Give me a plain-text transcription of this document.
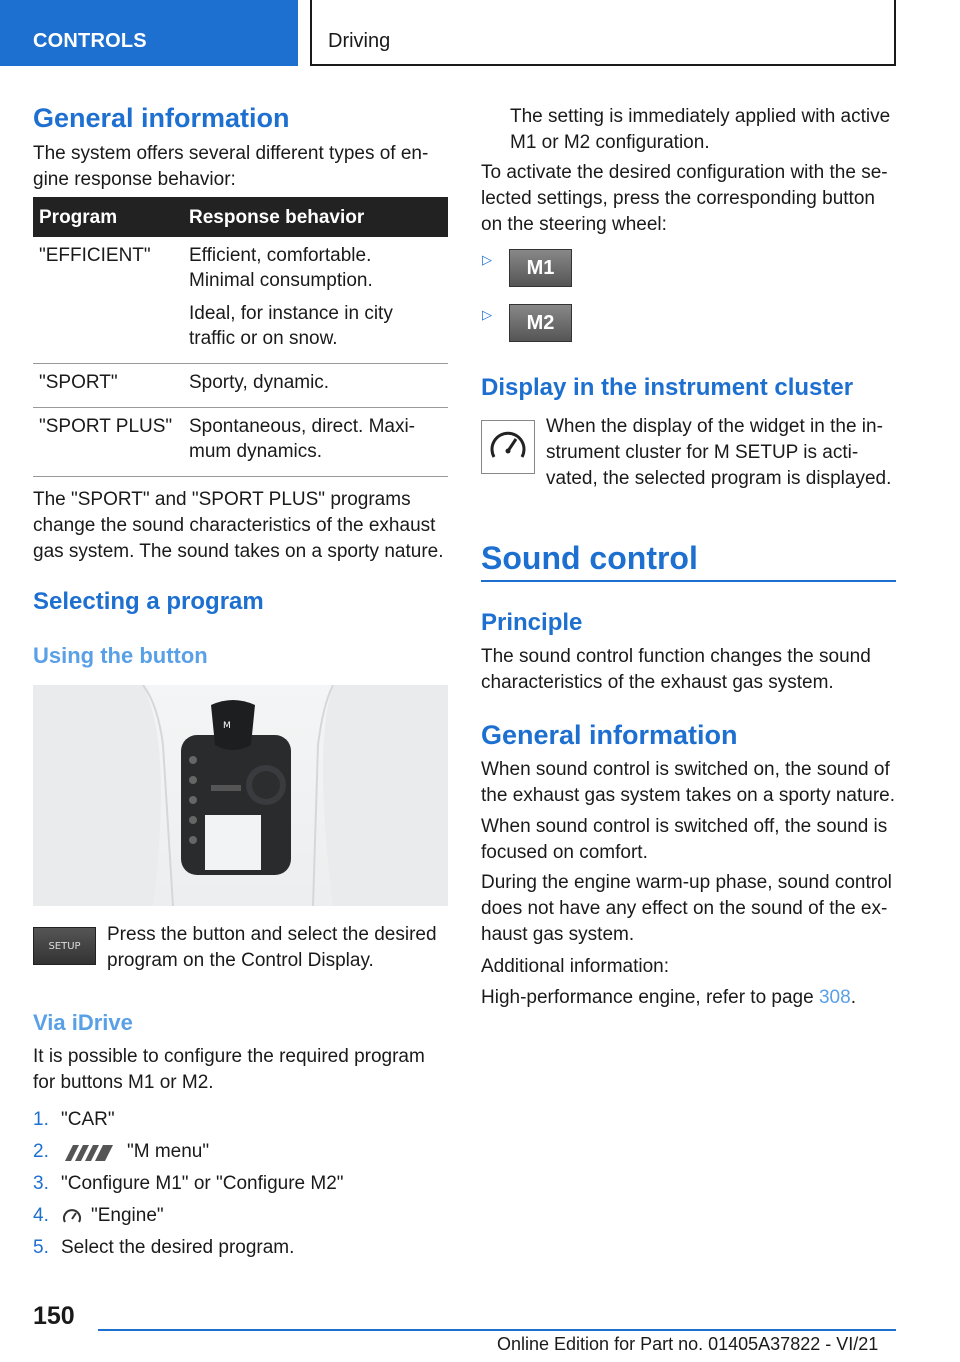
CONTROLS	Driving
General information
The system offers several different types of en-gine response behavior:
Program	Response behavior
"EFFICIENT"	Efficient, comfortable. Minimal consumption.

Ideal, for instance in city traffic or on snow.

"SPORT"	Sporty, dynamic.
"SPORT PLUS"	Spontaneous, direct. Maxi-mum dynamics.
The "SPORT" and "SPORT PLUS" programs change the sound characteristics of the exhaust gas system. The sound takes on a sporty nature.
Selecting a program
Using the button
M
SETUP
Press the button and select the desired program on the Control Display.
Via iDrive
It is possible to configure the required program for buttons M1 or M2.
1. "CAR"
2.	"M menu"
3. "Configure M1" or "Configure M2"
4. "Engine"
5. Select the desired program.
The setting is immediately applied with active M1 or M2 configuration.
To activate the desired configuration with the se-lected settings, press the corresponding button on the steering wheel:
▷ M1
▷ M2
Display in the instrument cluster
When the display of the widget in the in-strument cluster for M SETUP is acti-vated, the selected program is displayed.
Sound control
Principle
The sound control function changes the sound characteristics of the exhaust gas system.
General information
When sound control is switched on, the sound of the exhaust gas system takes on a sporty nature.
When sound control is switched off, the sound is focused on comfort.
During the engine warm-up phase, sound control does not have any effect on the sound of the ex-haust gas system.
Additional information:
High-performance engine, refer to page 308.
150
Online Edition for Part no. 01405A37822 - VI/21
